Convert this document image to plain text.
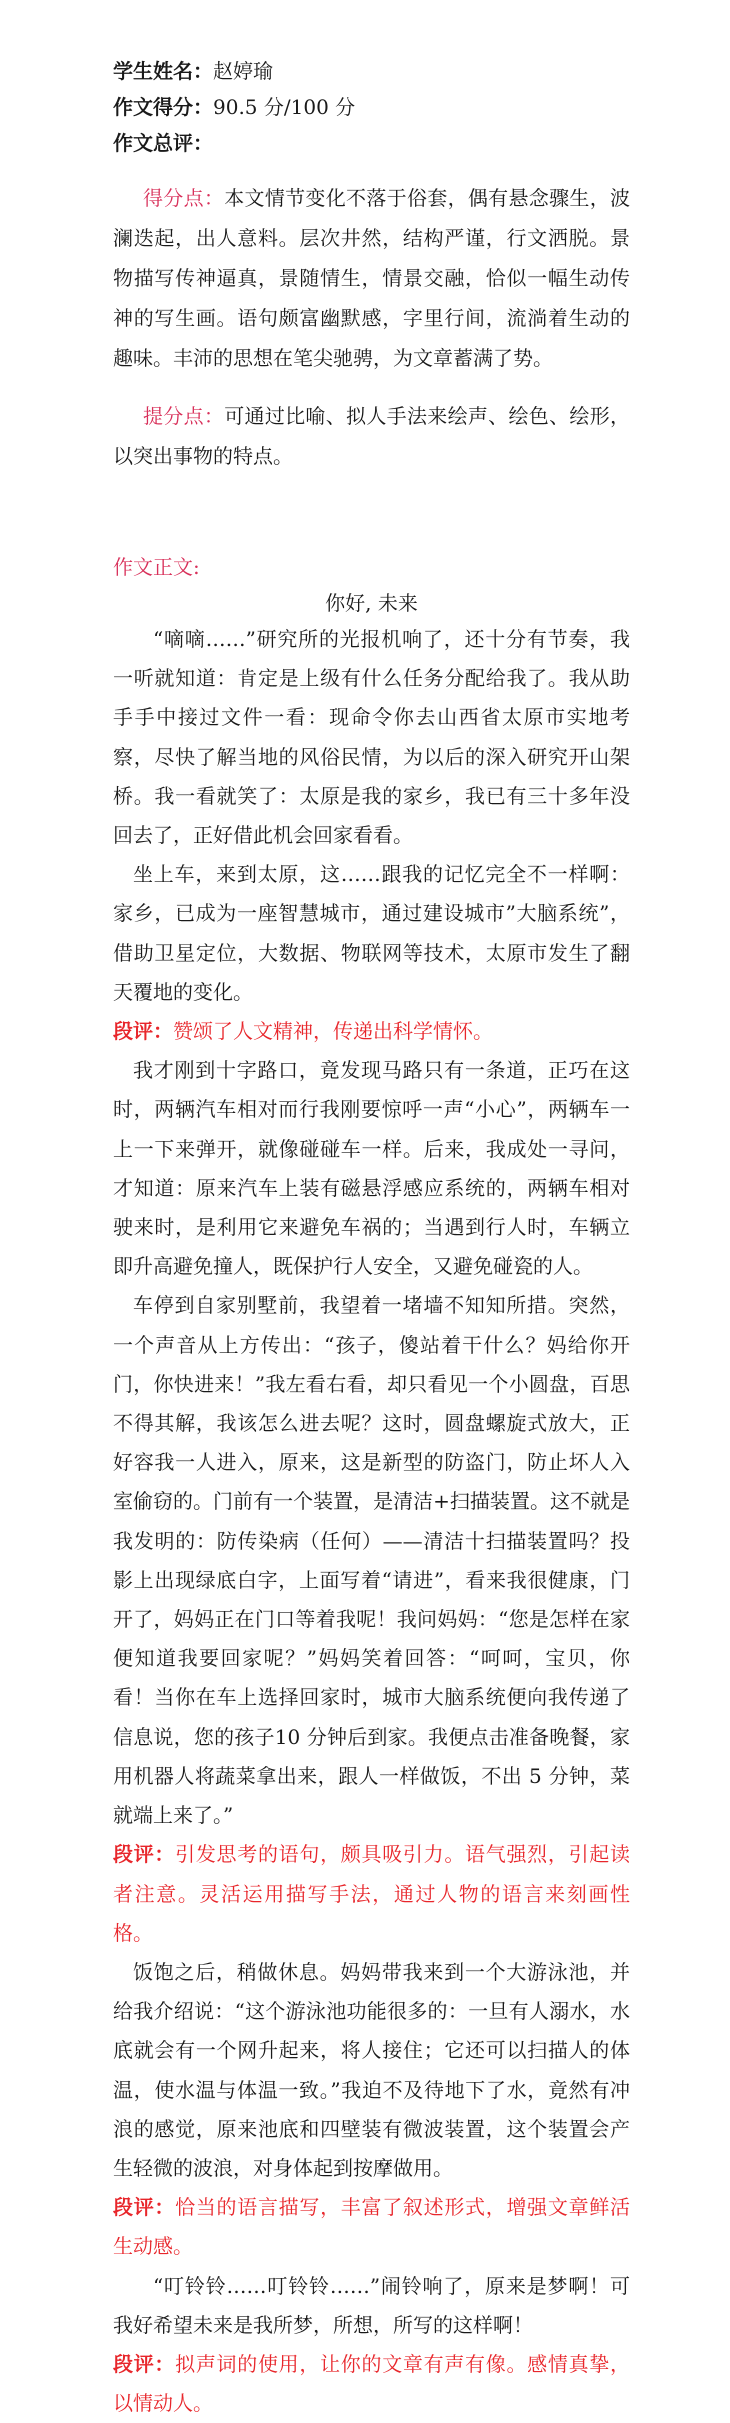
学生姓名：赵婷瑜
作文得分：90.5 分/100 分
作文总评：

得分点：本文情节变化不落于俗套，偶有悬念骤生，波澜迭起，出人意料。层次井然，结构严谨，行文洒脱。景物描写传神逼真，景随情生，情景交融，恰似一幅生动传神的写生画。语句颇富幽默感，字里行间，流淌着生动的趣味。丰沛的思想在笔尖驰骋，为文章蓄满了势。

提分点：可通过比喻、拟人手法来绘声、绘色、绘形，以突出事物的特点。

作文正文:
你好, 未来

“嘀嘀……”研究所的光报机响了，还十分有节奏，我一听就知道：肯定是上级有什么任务分配给我了。我从助手手中接过文件一看：现命令你去山西省太原市实地考察，尽快了解当地的风俗民情，为以后的深入研究开山架桥。我一看就笑了：太原是我的家乡，我已有三十多年没回去了，正好借此机会回家看看。

坐上车，来到太原，这……跟我的记忆完全不一样啊：家乡，已成为一座智慧城市，通过建设城市”大脑系统”，借助卫星定位，大数据、物联网等技术，太原市发生了翻天覆地的变化。

段评：赞颂了人文精神，传递出科学情怀。

我才刚到十字路口，竟发现马路只有一条道，正巧在这时，两辆汽车相对而行我刚要惊呼一声“小心”，两辆车一上一下来弹开，就像碰碰车一样。后来，我成处一寻问，才知道：原来汽车上装有磁悬浮感应系统的，两辆车相对驶来时，是利用它来避免车祸的；当遇到行人时，车辆立即升高避免撞人，既保护行人安全，又避免碰瓷的人。

车停到自家别墅前，我望着一堵墙不知知所措。突然，一个声音从上方传出：“孩子，傻站着干什么？妈给你开门，你快进来！”我左看右看，却只看见一个小圆盘，百思不得其解，我该怎么进去呢？这时，圆盘螺旋式放大，正好容我一人进入，原来，这是新型的防盗门，防止坏人入室偷窃的。门前有一个装置，是清洁+扫描装置。这不就是我发明的：防传染病（任何）——清洁十扫描装置吗？投影上出现绿底白字，上面写着“请进”，看来我很健康，门开了，妈妈正在门口等着我呢！我问妈妈：“您是怎样在家便知道我要回家呢？”妈妈笑着回答：“呵呵，宝贝，你看！当你在车上选择回家时，城市大脑系统便向我传递了信息说，您的孩子10 分钟后到家。我便点击准备晚餐，家用机器人将蔬菜拿出来，跟人一样做饭，不出 5 分钟，菜就端上来了。”

段评：引发思考的语句，颇具吸引力。语气强烈，引起读者注意。灵活运用描写手法，通过人物的语言来刻画性格。

饭饱之后，稍做休息。妈妈带我来到一个大游泳池，并给我介绍说：“这个游泳池功能很多的：一旦有人溺水，水底就会有一个网升起来，将人接住；它还可以扫描人的体温，使水温与体温一致。”我迫不及待地下了水，竟然有冲浪的感觉，原来池底和四壁装有微波装置，这个装置会产生轻微的波浪，对身体起到按摩做用。

段评：恰当的语言描写，丰富了叙述形式，增强文章鲜活生动感。

“叮铃铃……叮铃铃……”闹铃响了，原来是梦啊！可我好希望未来是我所梦，所想，所写的这样啊！

段评：拟声词的使用，让你的文章有声有像。感情真挚，以情动人。
